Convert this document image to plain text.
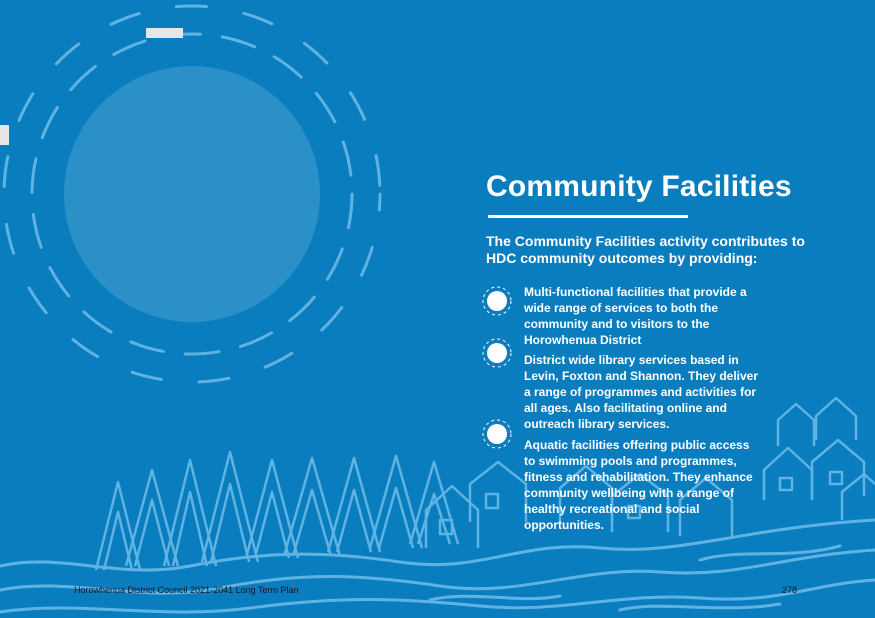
Community Facilities

The Community Facilities activity contributes to HDC community outcomes by providing:

Multi-functional facilities that provide a wide range of services to both the community and to visitors to the Horowhenua District

District wide library services based in Levin, Foxton and Shannon. They deliver a range of programmes and activities for all ages. Also facilitating online and outreach library services.

Aquatic facilities offering public access to swimming pools and programmes, fitness and rehabilitation. They enhance community wellbeing with a range of healthy recreational and social opportunities.

Horowhenua District Council 2021-2041 Long Term Plan	278
